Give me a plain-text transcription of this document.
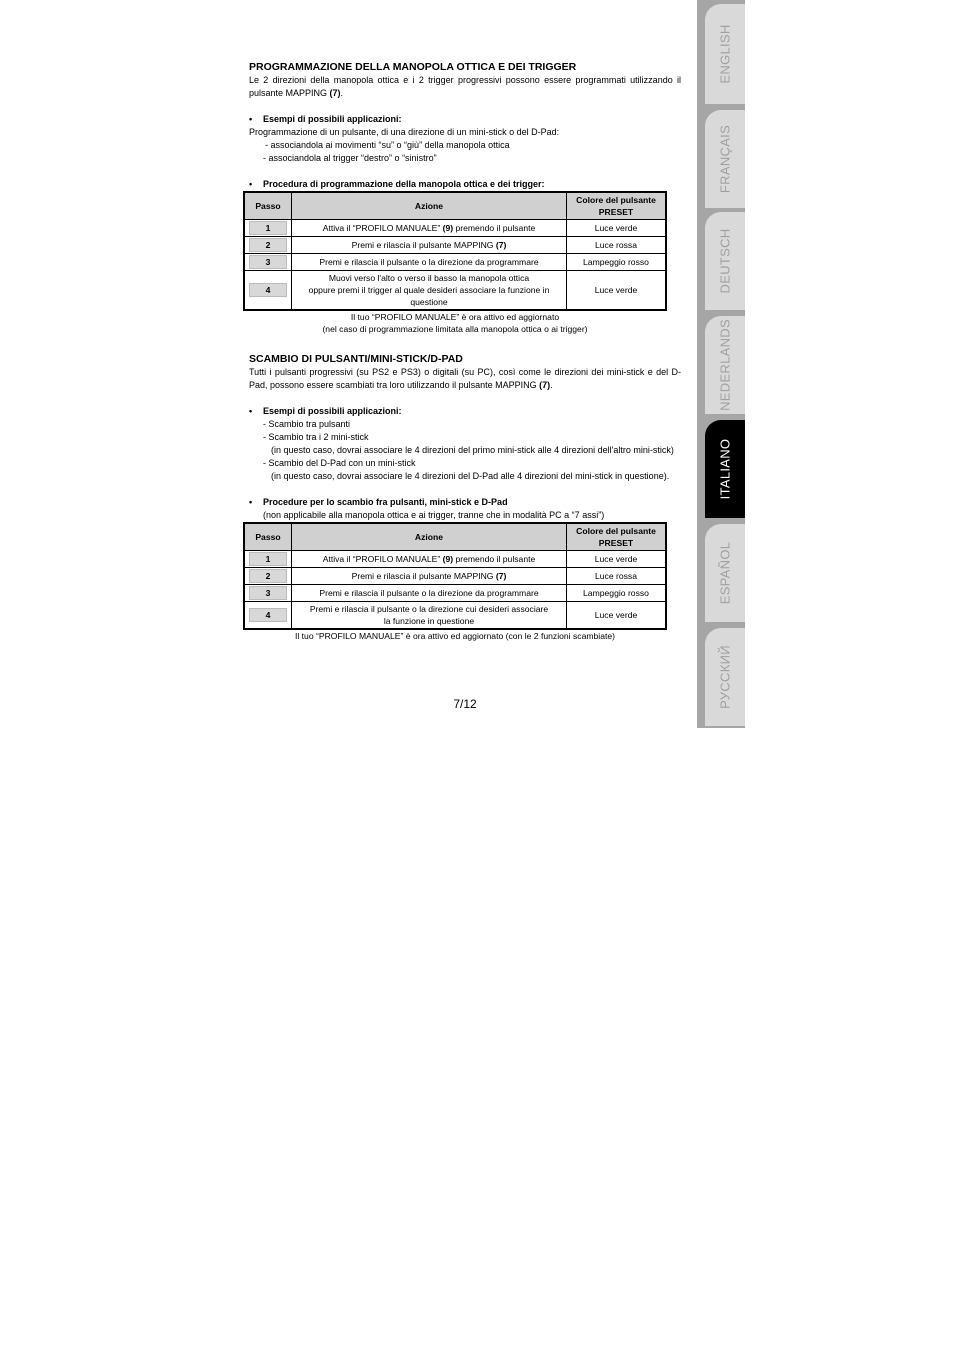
PROGRAMMAZIONE DELLA MANOPOLA OTTICA E DEI TRIGGER

Le 2 direzioni della manopola ottica e i 2 trigger progressivi possono essere programmati utilizzando il pulsante MAPPING (7).

• Esempi di possibili applicazioni:

Programmazione di un pulsante, di una direzione di un mini-stick o del D-Pad:

- associandola ai movimenti “su” o “giù” della manopola ottica

- associandola al trigger “destro” o “sinistro”

• Procedura di programmazione della manopola ottica e dei trigger:

Passo	Azione	Colore del pulsante
PRESET
1	Attiva il “PROFILO MANUALE” (9) premendo il pulsante	Luce verde
2	Premi e rilascia il pulsante MAPPING (7)	Luce rossa
3	Premi e rilascia il pulsante o la direzione da programmare	Lampeggio rosso
4	Muovi verso l'alto o verso il basso la manopola ottica
oppure premi il trigger al quale desideri associare la funzione in
questione	Luce verde

Il tuo “PROFILO MANUALE” è ora attivo ed aggiornato

(nel caso di programmazione limitata alla manopola ottica o ai trigger)

SCAMBIO DI PULSANTI/MINI-STICK/D-PAD

Tutti i pulsanti progressivi (su PS2 e PS3) o digitali (su PC), così come le direzioni dei mini-stick e del D-Pad, possono essere scambiati tra loro utilizzando il pulsante MAPPING (7).

• Esempi di possibili applicazioni:

- Scambio tra pulsanti

- Scambio tra i 2 mini-stick

(in questo caso, dovrai associare le 4 direzioni del primo mini-stick alle 4 direzioni dell'altro mini-stick)

- Scambio del D-Pad con un mini-stick

(in questo caso, dovrai associare le 4 direzioni del D-Pad alle 4 direzioni del mini-stick in questione).

• Procedure per lo scambio fra pulsanti, mini-stick e D-Pad

(non applicabile alla manopola ottica e ai trigger, tranne che in modalità PC a “7 assi”)

Passo	Azione	Colore del pulsante
PRESET
1	Attiva il “PROFILO MANUALE” (9) premendo il pulsante	Luce verde
2	Premi e rilascia il pulsante MAPPING (7)	Luce rossa
3	Premi e rilascia il pulsante o la direzione da programmare	Lampeggio rosso
4	Premi e rilascia il pulsante o la direzione cui desideri associare
la funzione in questione	Luce verde

Il tuo “PROFILO MANUALE” è ora attivo ed aggiornato (con le 2 funzioni scambiate)

7/12
ENGLISH
FRANÇAIS
DEUTSCH
NEDERLANDS
ITALIANO
ESPAÑOL
РУССКИЙ
